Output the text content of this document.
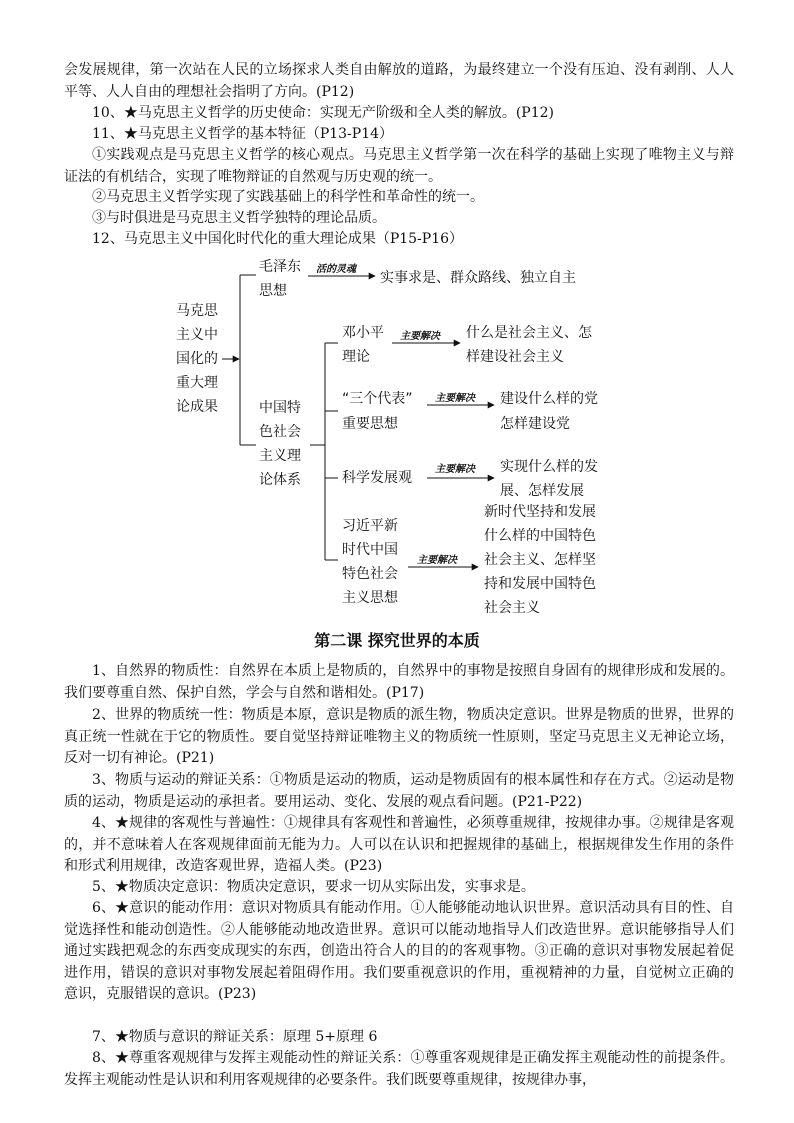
会发展规律，第一次站在人民的立场探求人类自由解放的道路，为最终建立一个没有压迫、没有剥削、人人平等、人人自由的理想社会指明了方向。(P12)

10、★马克思主义哲学的历史使命：实现无产阶级和全人类的解放。(P12)

11、★马克思主义哲学的基本特征（P13-P14）

①实践观点是马克思主义哲学的核心观点。马克思主义哲学第一次在科学的基础上实现了唯物主义与辩证法的有机结合，实现了唯物辩证的自然观与历史观的统一。

②马克思主义哲学实现了实践基础上的科学性和革命性的统一。

③与时俱进是马克思主义哲学独特的理论品质。

12、马克思主义中国化时代化的重大理论成果（P15-P16）

马克思
主义中
国化的
重大理
论成果
毛泽东
思想
活的灵魂
实事求是、群众路线、独立自主
中国特
色社会
主义理
论体系
邓小平
理论
主要解决 什么是社会主义、怎
样建设社会主义
“三个代表”
重要思想
主要解决 建设什么样的党
怎样建设党
科学发展观
主要解决 实现什么样的发
展、怎样发展
习近平新
时代中国
特色社会
主义思想
主要解决
新时代坚持和发展
什么样的中国特色
社会主义、怎样坚
持和发展中国特色
社会主义
第二课 探究世界的本质

1、自然界的物质性：自然界在本质上是物质的，自然界中的事物是按照自身固有的规律形成和发展的。我们要尊重自然、保护自然，学会与自然和谐相处。(P17)

2、世界的物质统一性：物质是本原，意识是物质的派生物，物质决定意识。世界是物质的世界，世界的真正统一性就在于它的物质性。要自觉坚持辩证唯物主义的物质统一性原则，坚定马克思主义无神论立场，反对一切有神论。(P21)

3、物质与运动的辩证关系：①物质是运动的物质，运动是物质固有的根本属性和存在方式。②运动是物质的运动，物质是运动的承担者。要用运动、变化、发展的观点看问题。(P21-P22)

4、★规律的客观性与普遍性：①规律具有客观性和普遍性，必须尊重规律，按规律办事。②规律是客观的，并不意味着人在客观规律面前无能为力。人可以在认识和把握规律的基础上，根据规律发生作用的条件和形式利用规律，改造客观世界，造福人类。(P23)

5、★物质决定意识：物质决定意识，要求一切从实际出发，实事求是。

6、★意识的能动作用：意识对物质具有能动作用。①人能够能动地认识世界。意识活动具有目的性、自觉选择性和能动创造性。②人能够能动地改造世界。意识可以能动地指导人们改造世界。意识能够指导人们通过实践把观念的东西变成现实的东西，创造出符合人的目的的客观事物。③正确的意识对事物发展起着促进作用，错误的意识对事物发展起着阻碍作用。我们要重视意识的作用，重视精神的力量，自觉树立正确的意识，克服错误的意识。(P23)

7、★物质与意识的辩证关系：原理 5+原理 6

8、★尊重客观规律与发挥主观能动性的辩证关系：①尊重客观规律是正确发挥主观能动性的前提条件。发挥主观能动性是认识和利用客观规律的必要条件。我们既要尊重规律，按规律办事，
